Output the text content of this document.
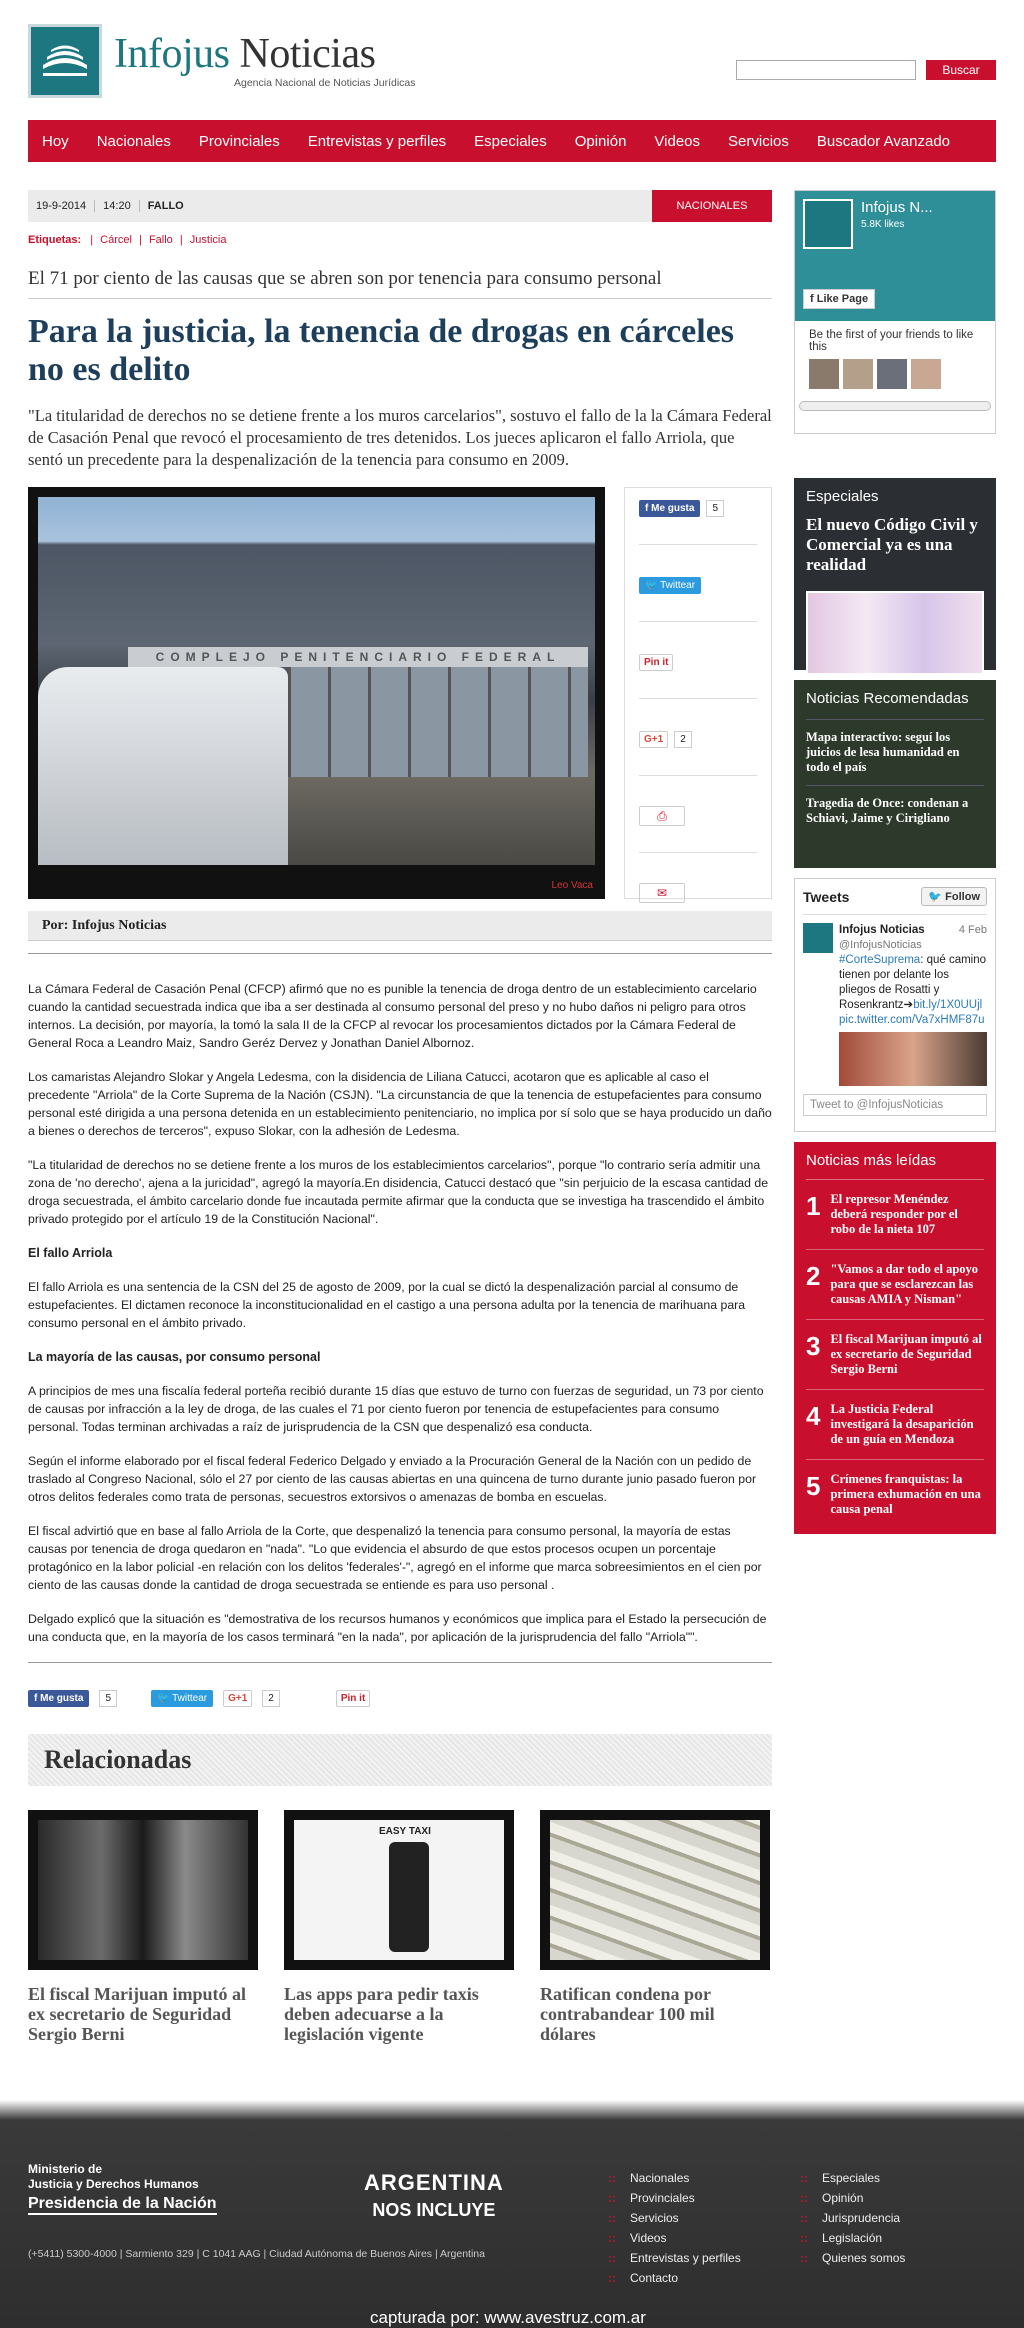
Infojus Noticias
Agencia Nacional de Noticias Jurídicas
Buscar
Hoy	Nacionales	Provinciales	Entrevistas y perfiles	Especiales	Opinión	Videos	Servicios	Buscador Avanzado
19-9-2014	14:20	FALLO	NACIONALES
Etiquetas: | Cárcel | Fallo | Justicia
El 71 por ciento de las causas que se abren son por tenencia para consumo personal
Para la justicia, la tenencia de drogas en cárceles no es delito
"La titularidad de derechos no se detiene frente a los muros carcelarios", sostuvo el fallo de la la Cámara Federal de Casación Penal que revocó el procesamiento de tres detenidos. Los jueces aplicaron el fallo Arriola, que sentó un precedente para la despenalización de la tenencia para consumo en 2009.
COMPLEJO PENITENCIARIO FEDERAL
Leo Vaca
f Me gusta	5
🐦 Twittear
Pin it
G+1	2
⎙
✉
Por: Infojus Noticias

La Cámara Federal de Casación Penal (CFCP) afirmó que no es punible la tenencia de droga dentro de un establecimiento carcelario cuando la cantidad secuestrada indica que iba a ser destinada al consumo personal del preso y no hubo daños ni peligro para otros internos. La decisión, por mayoría, la tomó la sala II de la CFCP al revocar los procesamientos dictados por la Cámara Federal de General Roca a Leandro Maiz, Sandro Geréz Dervez y Jonathan Daniel Albornoz.

Los camaristas Alejandro Slokar y Angela Ledesma, con la disidencia de Liliana Catucci, acotaron que es aplicable al caso el precedente "Arriola" de la Corte Suprema de la Nación (CSJN). "La circunstancia de que la tenencia de estupefacientes para consumo personal esté dirigida a una persona detenida en un establecimiento penitenciario, no implica por sí solo que se haya producido un daño a bienes o derechos de terceros", expuso Slokar, con la adhesión de Ledesma.

"La titularidad de derechos no se detiene frente a los muros de los establecimientos carcelarios", porque "lo contrario sería admitir una zona de 'no derecho', ajena a la juricidad", agregó la mayoría.En disidencia, Catucci destacó que "sin perjuicio de la escasa cantidad de droga secuestrada, el ámbito carcelario donde fue incautada permite afirmar que la conducta que se investiga ha trascendido el ámbito privado protegido por el artículo 19 de la Constitución Nacional".

El fallo Arriola

El fallo Arriola es una sentencia de la CSN del 25 de agosto de 2009, por la cual se dictó la despenalización parcial al consumo de estupefacientes. El dictamen reconoce la inconstitucionalidad en el castigo a una persona adulta por la tenencia de marihuana para consumo personal en el ámbito privado.

La mayoría de las causas, por consumo personal

A principios de mes una fiscalía federal porteña recibió durante 15 días que estuvo de turno con fuerzas de seguridad, un 73 por ciento de causas por infracción a la ley de droga, de las cuales el 71 por ciento fueron por tenencia de estupefacientes para consumo personal. Todas terminan archivadas a raíz de jurisprudencia de la CSN que despenalizó esa conducta.

Según el informe elaborado por el fiscal federal Federico Delgado y enviado a la Procuración General de la Nación con un pedido de traslado al Congreso Nacional, sólo el 27 por ciento de las causas abiertas en una quincena de turno durante junio pasado fueron por otros delitos federales como trata de personas, secuestros extorsivos o amenazas de bomba en escuelas.

El fiscal advirtió que en base al fallo Arriola de la Corte, que despenalizó la tenencia para consumo personal, la mayoría de estas causas por tenencia de droga quedaron en "nada". "Lo que evidencia el absurdo de que estos procesos ocupen un porcentaje protagónico en la labor policial -en relación con los delitos 'federales'-", agregó en el informe que marca sobreesimientos en el cien por ciento de las causas donde la cantidad de droga secuestrada se entiende es para uso personal .

Delgado explicó que la situación es "demostrativa de los recursos humanos y económicos que implica para el Estado la persecución de una conducta que, en la mayoría de los casos terminará "en la nada", por aplicación de la jurisprudencia del fallo "Arriola"".

f Me gusta	5	🐦 Twittear	G+1	2	Pin it
Relacionadas
El fiscal Marijuan imputó al ex secretario de Seguridad Sergio Berni
EASY TAXI
Las apps para pedir taxis deben adecuarse a la legislación vigente
Ratifican condena por contrabandear 100 mil dólares
Infojus N...
5.8K likes
f Like Page
Be the first of your friends to like this
Especiales
El nuevo Código Civil y Comercial ya es una realidad
Noticias Recomendadas
Mapa interactivo: seguí los juicios de lesa humanidad en todo el país
Tragedia de Once: condenan a Schiavi, Jaime y Cirigliano
Tweets	🐦 Follow
Infojus Noticias	4 Feb
@InfojusNoticias
#CorteSuprema: qué camino tienen por delante los pliegos de Rosatti y Rosenkrantz➔bit.ly/1X0UUjl pic.twitter.com/Va7xHMF87u
Tweet to @InfojusNoticias
Noticias más leídas
1 El represor Menéndez deberá responder por el robo de la nieta 107
2 "Vamos a dar todo el apoyo para que se esclarezcan las causas AMIA y Nisman"
3 El fiscal Marijuan imputó al ex secretario de Seguridad Sergio Berni
4 La Justicia Federal investigará la desaparición de un guía en Mendoza
5 Crímenes franquistas: la primera exhumación en una causa penal
Ministerio de
Justicia y Derechos Humanos
Presidencia de la Nación
ARGENTINA
NOS INCLUYE
(+5411) 5300-4000 | Sarmiento 329 | C 1041 AAG | Ciudad Autónoma de Buenos Aires | Argentina
:: Nacionales
:: Provinciales
:: Servicios
:: Videos
:: Entrevistas y perfiles
:: Contacto
:: Especiales
:: Opinión
:: Jurisprudencia
:: Legislación
:: Quienes somos
capturada por: www.avestruz.com.ar
